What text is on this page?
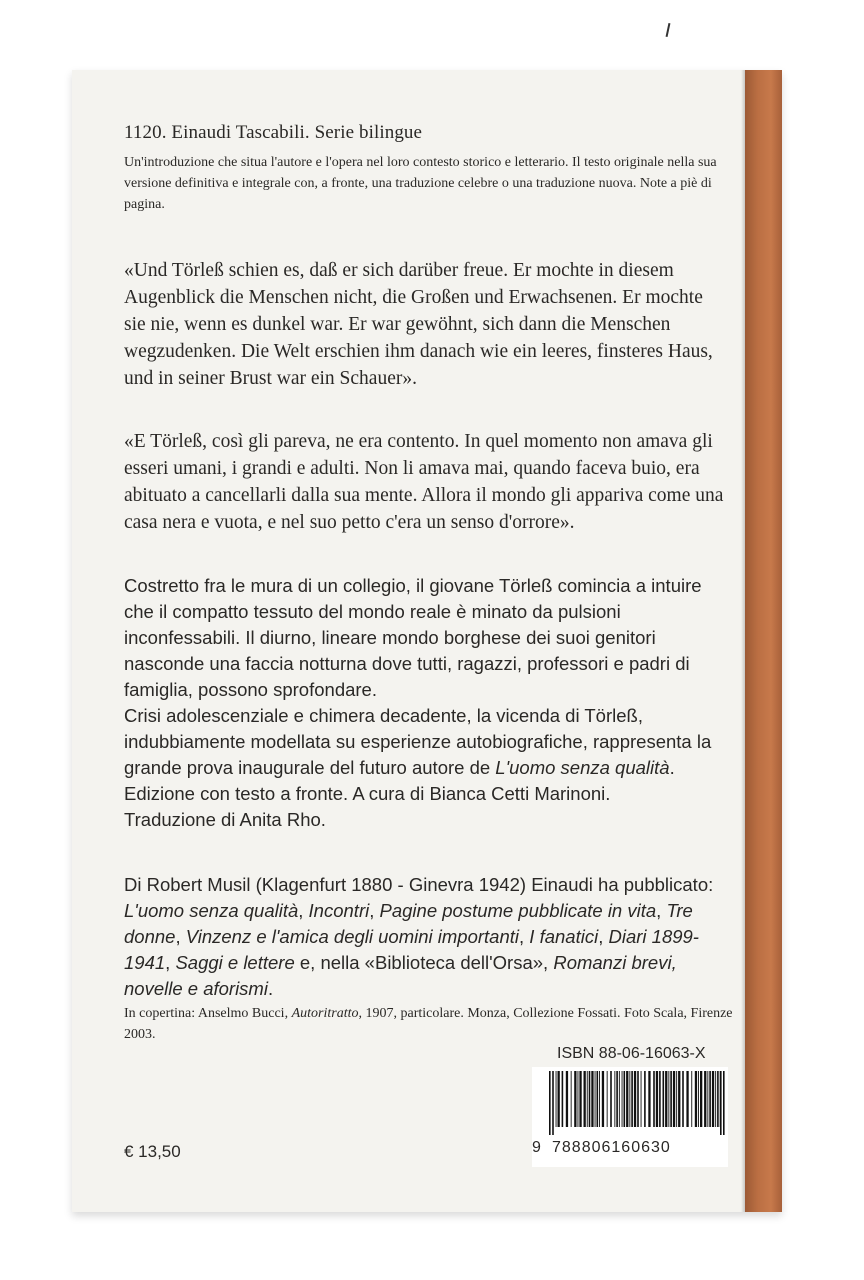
1120. Einaudi Tascabili. Serie bilingue

Un'introduzione che situa l'autore e l'opera nel loro contesto storico e letterario. Il testo originale nella sua versione definitiva e integrale con, a fronte, una traduzione celebre o una traduzione nuova. Note a piè di pagina.

«Und Törleß schien es, daß er sich darüber freue. Er mochte in diesem Augenblick die Menschen nicht, die Großen und Erwachsenen. Er mochte sie nie, wenn es dunkel war. Er war gewöhnt, sich dann die Menschen wegzudenken. Die Welt erschien ihm danach wie ein leeres, finsteres Haus, und in seiner Brust war ein Schauer».

«E Törleß, così gli pareva, ne era contento. In quel momento non amava gli esseri umani, i grandi e adulti. Non li amava mai, quando faceva buio, era abituato a cancellarli dalla sua mente. Allora il mondo gli appariva come una casa nera e vuota, e nel suo petto c'era un senso d'orrore».

Costretto fra le mura di un collegio, il giovane Törleß comincia a intuire che il compatto tessuto del mondo reale è minato da pulsioni inconfessabili. Il diurno, lineare mondo borghese dei suoi genitori nasconde una faccia notturna dove tutti, ragazzi, professori e padri di famiglia, possono sprofondare.

Crisi adolescenziale e chimera decadente, la vicenda di Törleß, indubbiamente modellata su esperienze autobiografiche, rappresenta la grande prova inaugurale del futuro autore de L'uomo senza qualità.

Edizione con testo a fronte. A cura di Bianca Cetti Marinoni.

Traduzione di Anita Rho.

Di Robert Musil (Klagenfurt 1880 - Ginevra 1942) Einaudi ha pubblicato: L'uomo senza qualità, Incontri, Pagine postume pubblicate in vita, Tre donne, Vinzenz e l'amica degli uomini importanti, I fanatici, Diari 1899-1941, Saggi e lettere e, nella «Biblioteca dell'Orsa», Romanzi brevi, novelle e aforismi.

In copertina: Anselmo Bucci, Autoritratto, 1907, particolare. Monza, Collezione Fossati. Foto Scala, Firenze 2003.

ISBN 88-06-16063-X
€ 13,50	9 788806160630
